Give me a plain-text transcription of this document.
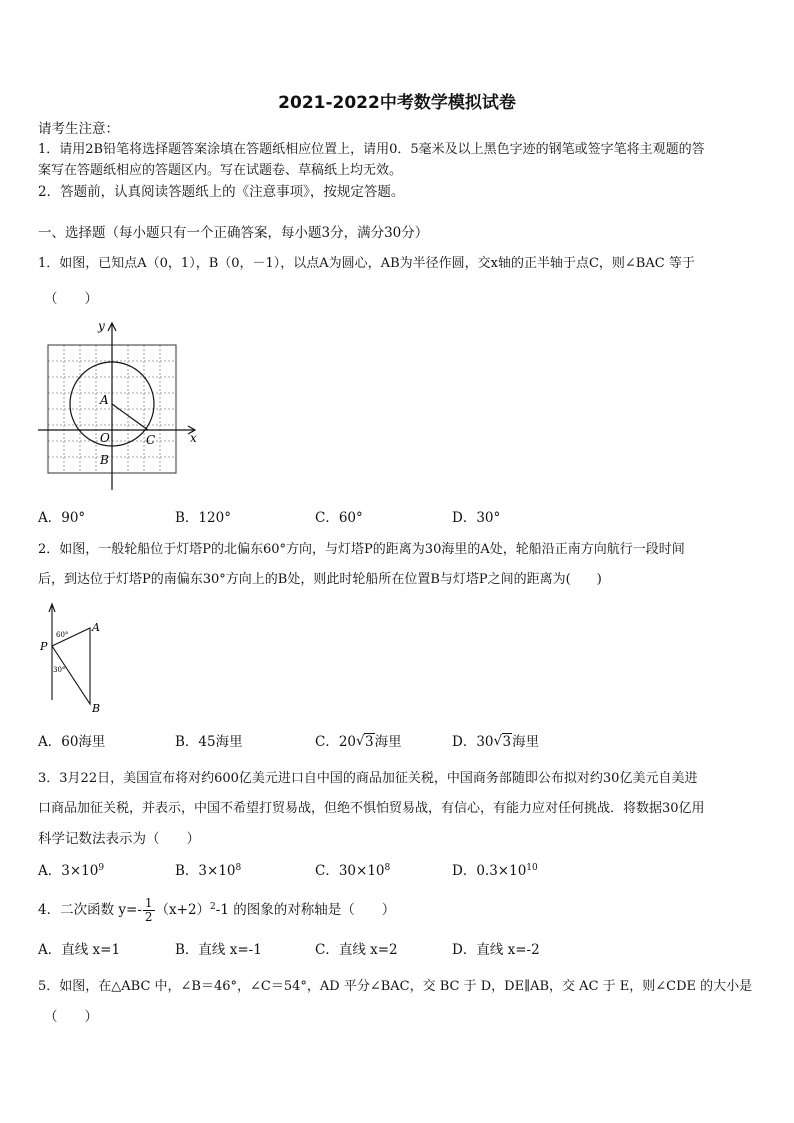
2021-2022中考数学模拟试卷
请考生注意：
1．请用2B铅笔将选择题答案涂填在答题纸相应位置上，请用0．5毫米及以上黑色字迹的钢笔或签字笔将主观题的答
案写在答题纸相应的答题区内。写在试题卷、草稿纸上均无效。
2．答题前，认真阅读答题纸上的《注意事项》，按规定答题。
一、选择题（每小题只有一个正确答案，每小题3分，满分30分）
1．如图，已知点A（0，1），B（0，－1），以点A为圆心，AB为半径作圆，交x轴的正半轴于点C，则∠BAC 等于
（　　）
y
x
A
O	C
B
A．90°	B．120°	C．60°	D．30°
2．如图，一般轮船位于灯塔P的北偏东60°方向，与灯塔P的距离为30海里的A处，轮船沿正南方向航行一段时间
后，到达位于灯塔P的南偏东30°方向上的B处，则此时轮船所在位置B与灯塔P之间的距离为(　　)
P
A
B
60°
30°
A．60海里	B．45海里	C．20 √ 3海里	D．30 √ 3海里
3．3月22日，美国宣布将对约600亿美元进口自中国的商品加征关税，中国商务部随即公布拟对约30亿美元自美进
口商品加征关税，并表示，中国不希望打贸易战，但绝不惧怕贸易战，有信心，有能力应对任何挑战．将数据30亿用
科学记数法表示为（　　）
A．$3\times 10^9$	B．$3\times 10^8$	C．$30\times 10^8$	D．$0.3\times 10^{10}$
4．二次函数 $y=- \frac{1}{2} (x+2)^2-1$ 的图象的对称轴是（　　）
A．直线 x=1	B．直线 x=-1	C．直线 x=2	D．直线 x=-2
5．如图，在△ABC 中，∠B＝46°，∠C＝54°，AD 平分∠BAC，交 BC 于 D，DE∥AB，交 AC 于 E，则∠CDE 的大小是
（　　）
